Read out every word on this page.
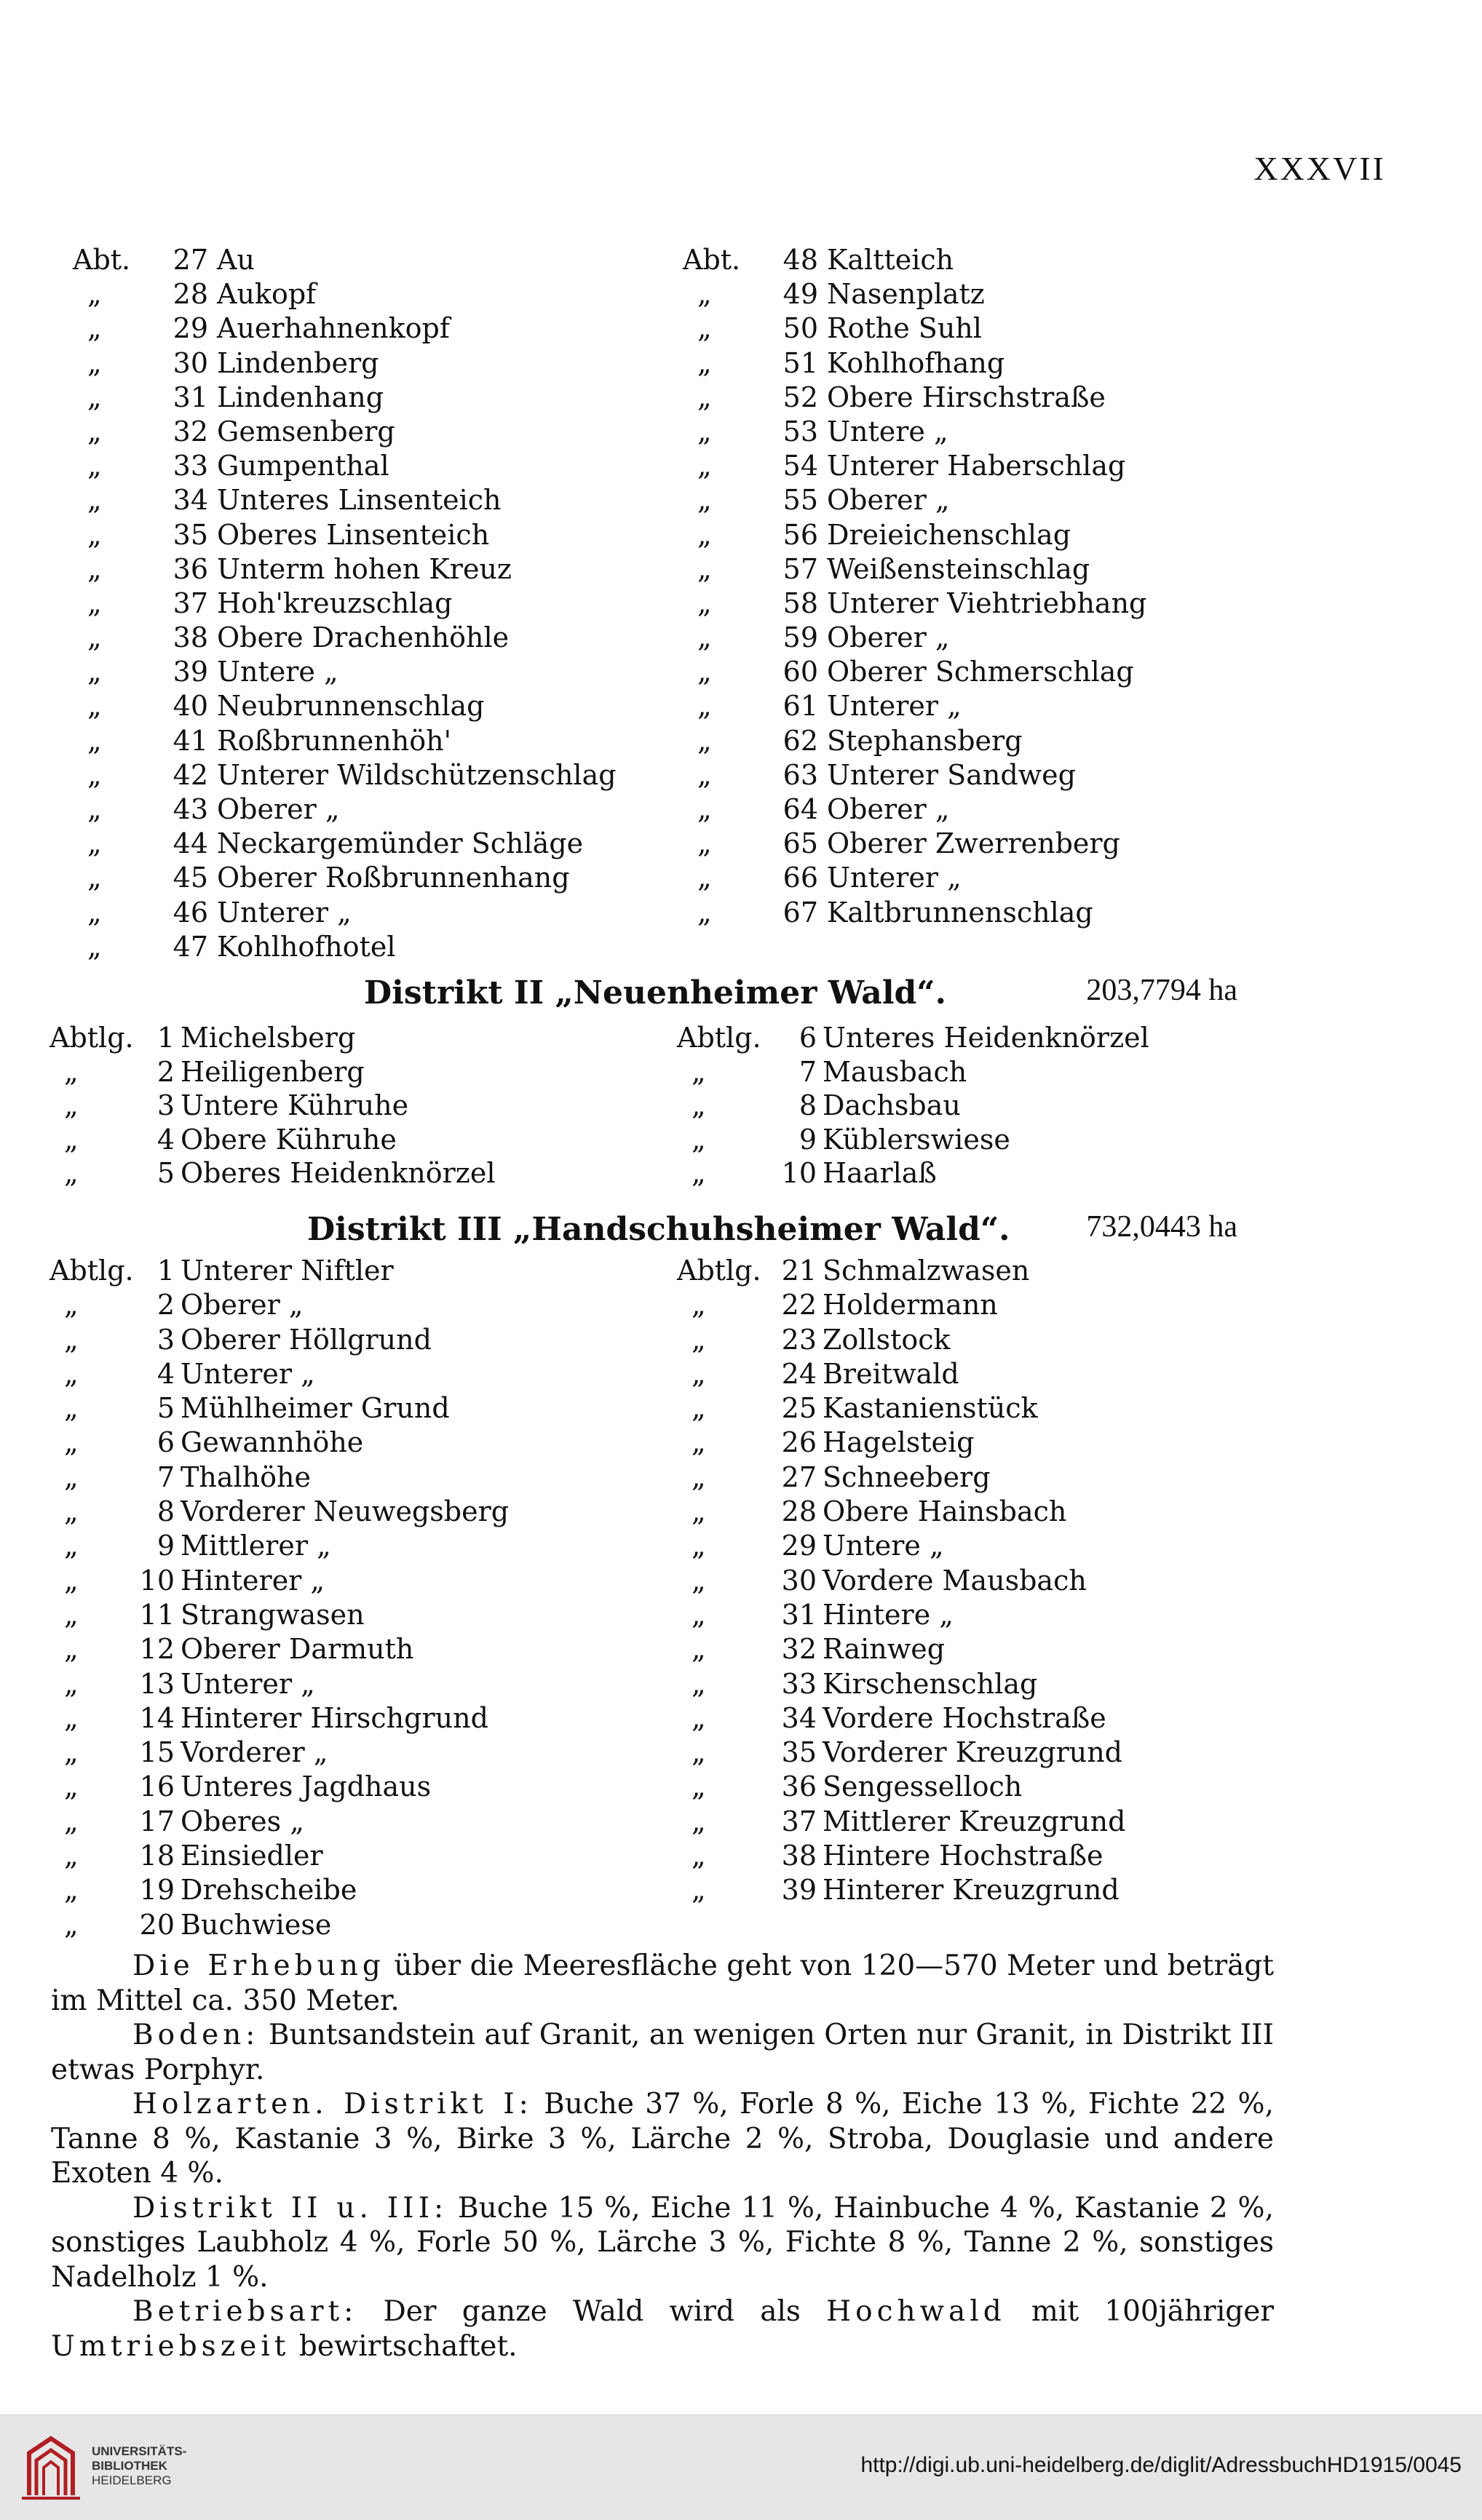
XXXVII
Abt.	27 Au
„	28 Aukopf
„	29 Auerhahnenkopf
„	30 Lindenberg
„	31 Lindenhang
„	32 Gemsenberg
„	33 Gumpenthal
„	34 Unteres Linsenteich
„	35 Oberes Linsenteich
„	36 Unterm hohen Kreuz
„	37 Hoh'kreuzschlag
„	38 Obere Drachenhöhle
„	39 Untere „
„	40 Neubrunnenschlag
„	41 Roßbrunnenhöh'
„	42 Unterer Wildschützenschlag
„	43 Oberer „
„	44 Neckargemünder Schläge
„	45 Oberer Roßbrunnenhang
„	46 Unterer „
„	47 Kohlhofhotel
Abt.	48 Kaltteich
„	49 Nasenplatz
„	50 Rothe Suhl
„	51 Kohlhofhang
„	52 Obere Hirschstraße
„	53 Untere „
„	54 Unterer Haberschlag
„	55 Oberer „
„	56 Dreieichenschlag
„	57 Weißensteinschlag
„	58 Unterer Viehtriebhang
„	59 Oberer „
„	60 Oberer Schmerschlag
„	61 Unterer „
„	62 Stephansberg
„	63 Unterer Sandweg
„	64 Oberer „
„	65 Oberer Zwerrenberg
„	66 Unterer „
„	67 Kaltbrunnenschlag
Distrikt II „Neuenheimer Wald“.	203,7794 ha
Abtlg. 1 Michelsberg
„	2 Heiligenberg
„	3 Untere Kühruhe
„	4 Obere Kühruhe
„	5 Oberes Heidenknörzel
Abtlg.	6 Unteres Heidenknörzel
„	7 Mausbach
„	8 Dachsbau
„	9 Küblerswiese
„	10 Haarlaß
Distrikt III „Handschuhsheimer Wald“. 732,0443 ha
Abtlg. 1 Unterer Niftler
„	2 Oberer „
„	3 Oberer Höllgrund
„	4 Unterer „
„	5 Mühlheimer Grund
„	6 Gewannhöhe
„	7 Thalhöhe
„	8 Vorderer Neuwegsberg
„	9 Mittlerer „
„ 10 Hinterer „
„ 11 Strangwasen
„ 12 Oberer Darmuth
„ 13 Unterer „
„ 14 Hinterer Hirschgrund
„ 15 Vorderer „
„ 16 Unteres Jagdhaus
„ 17 Oberes „
„ 18 Einsiedler
„ 19 Drehscheibe
„ 20 Buchwiese
Abtlg. 21 Schmalzwasen
„	22 Holdermann
„	23 Zollstock
„	24 Breitwald
„	25 Kastanienstück
„	26 Hagelsteig
„	27 Schneeberg
„	28 Obere Hainsbach
„	29 Untere „
„	30 Vordere Mausbach
„	31 Hintere „
„	32 Rainweg
„	33 Kirschenschlag
„	34 Vordere Hochstraße
„	35 Vorderer Kreuzgrund
„	36 Sengesselloch
„	37 Mittlerer Kreuzgrund
„	38 Hintere Hochstraße
„	39 Hinterer Kreuzgrund

Die Erhebung über die Meeresfläche geht von 120—570 Meter und beträgt im Mittel ca. 350 Meter.

Boden: Buntsandstein auf Granit, an wenigen Orten nur Granit, in Distrikt III etwas Porphyr.

Holzarten. Distrikt I: Buche 37 %, Forle 8 %, Eiche 13 %, Fichte 22 %, Tanne 8 %, Kastanie 3 %, Birke 3 %, Lärche 2 %, Stroba, Douglasie und andere Exoten 4 %.

Distrikt II u. III: Buche 15 %, Eiche 11 %, Hainbuche 4 %, Kastanie 2 %, sonstiges Laubholz 4 %, Forle 50 %, Lärche 3 %, Fichte 8 %, Tanne 2 %, sonstiges Nadelholz 1 %.

Betriebsart: Der ganze Wald wird als Hochwald mit 100jähriger Umtriebszeit bewirtschaftet.

UNIVERSITÄTS-
BIBLIOTHEK
HEIDELBERG
http://digi.ub.uni-heidelberg.de/diglit/AdressbuchHD1915/0045
